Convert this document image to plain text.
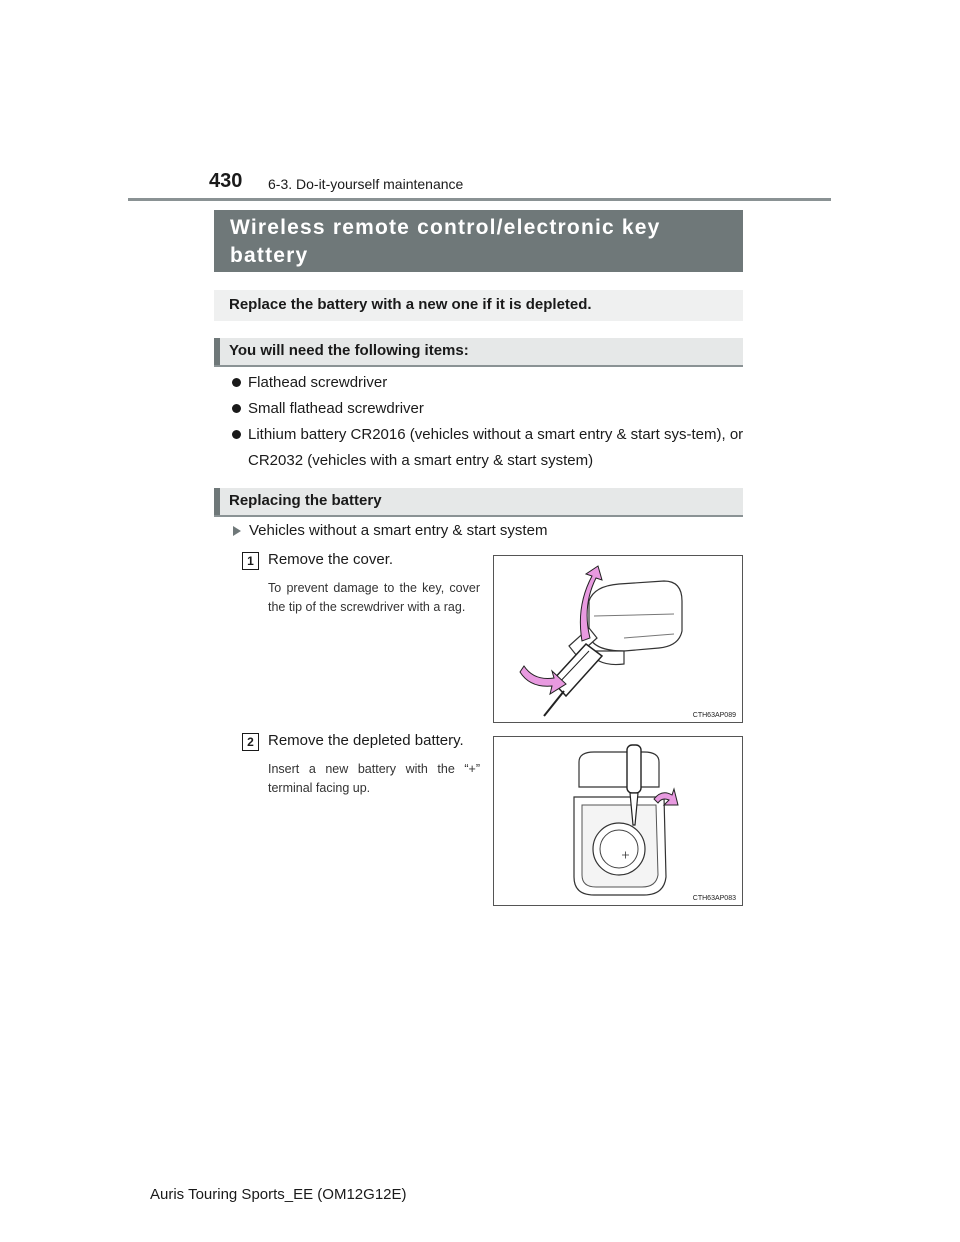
430 6-3. Do-it-yourself maintenance
Wireless remote control/electronic key battery
Replace the battery with a new one if it is depleted.
You will need the following items:
Flathead screwdriver
Small flathead screwdriver
Lithium battery CR2016 (vehicles without a smart entry & start sys-tem), or CR2032 (vehicles with a smart entry & start system)
Replacing the battery
Vehicles without a smart entry & start system
1 Remove the cover.
To prevent damage to the key, cover the tip of the screwdriver with a rag.
CTH63AP089
2 Remove the depleted battery.
Insert a new battery with the “+” terminal facing up.
CTH63AP083
Auris Touring Sports_EE (OM12G12E)
